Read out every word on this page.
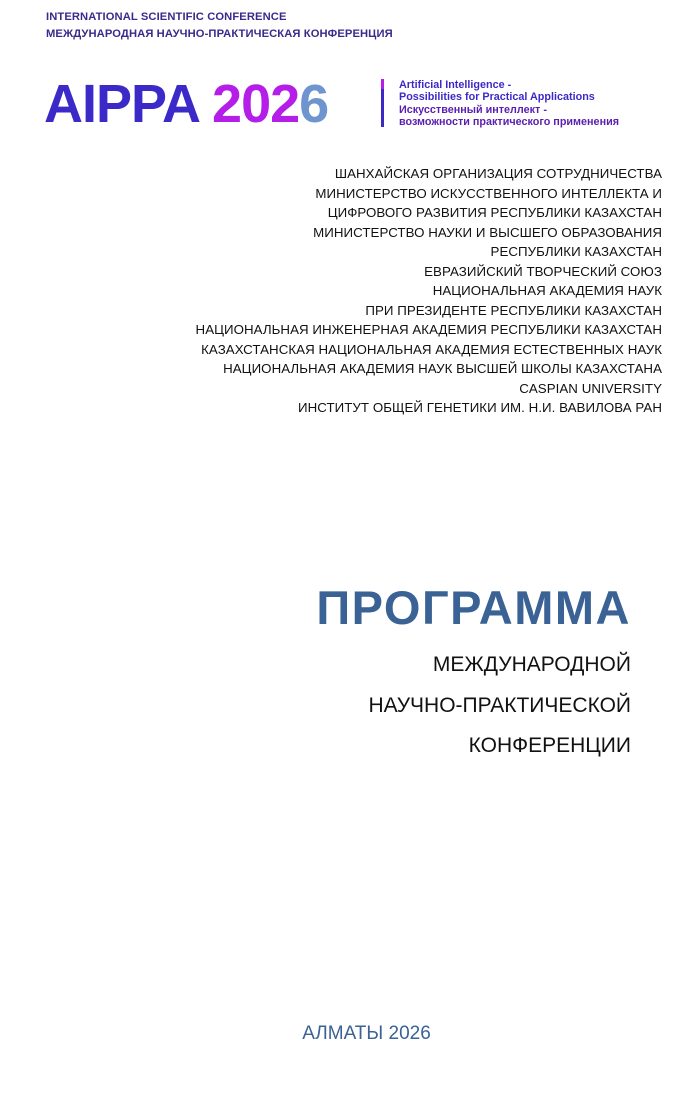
INTERNATIONAL SCIENTIFIC CONFERENCE
МЕЖДУНАРОДНАЯ НАУЧНО-ПРАКТИЧЕСКАЯ КОНФЕРЕНЦИЯ
AIPPA 2026	Artificial Intelligence -
Possibilities for Practical Applications
Искусственный интеллект -
возможности практического применения
ШАНХАЙСКАЯ ОРГАНИЗАЦИЯ СОТРУДНИЧЕСТВА
МИНИСТЕРСТВО ИСКУССТВЕННОГО ИНТЕЛЛЕКТА И
ЦИФРОВОГО РАЗВИТИЯ РЕСПУБЛИКИ КАЗАХСТАН
МИНИСТЕРСТВО НАУКИ И ВЫСШЕГО ОБРАЗОВАНИЯ
РЕСПУБЛИКИ КАЗАХСТАН
ЕВРАЗИЙСКИЙ ТВОРЧЕСКИЙ СОЮЗ
НАЦИОНАЛЬНАЯ АКАДЕМИЯ НАУК
ПРИ ПРЕЗИДЕНТЕ РЕСПУБЛИКИ КАЗАХСТАН
НАЦИОНАЛЬНАЯ ИНЖЕНЕРНАЯ АКАДЕМИЯ РЕСПУБЛИКИ КАЗАХСТАН
КАЗАХСТАНСКАЯ НАЦИОНАЛЬНАЯ АКАДЕМИЯ ЕСТЕСТВЕННЫХ НАУК
НАЦИОНАЛЬНАЯ АКАДЕМИЯ НАУК ВЫСШЕЙ ШКОЛЫ КАЗАХСТАНА
CASPIAN UNIVERSITY
ИНСТИТУТ ОБЩЕЙ ГЕНЕТИКИ ИМ. Н.И. ВАВИЛОВА РАН
ПРОГРАММА
МЕЖДУНАРОДНОЙ
НАУЧНО-ПРАКТИЧЕСКОЙ
КОНФЕРЕНЦИИ
АЛМАТЫ 2026
